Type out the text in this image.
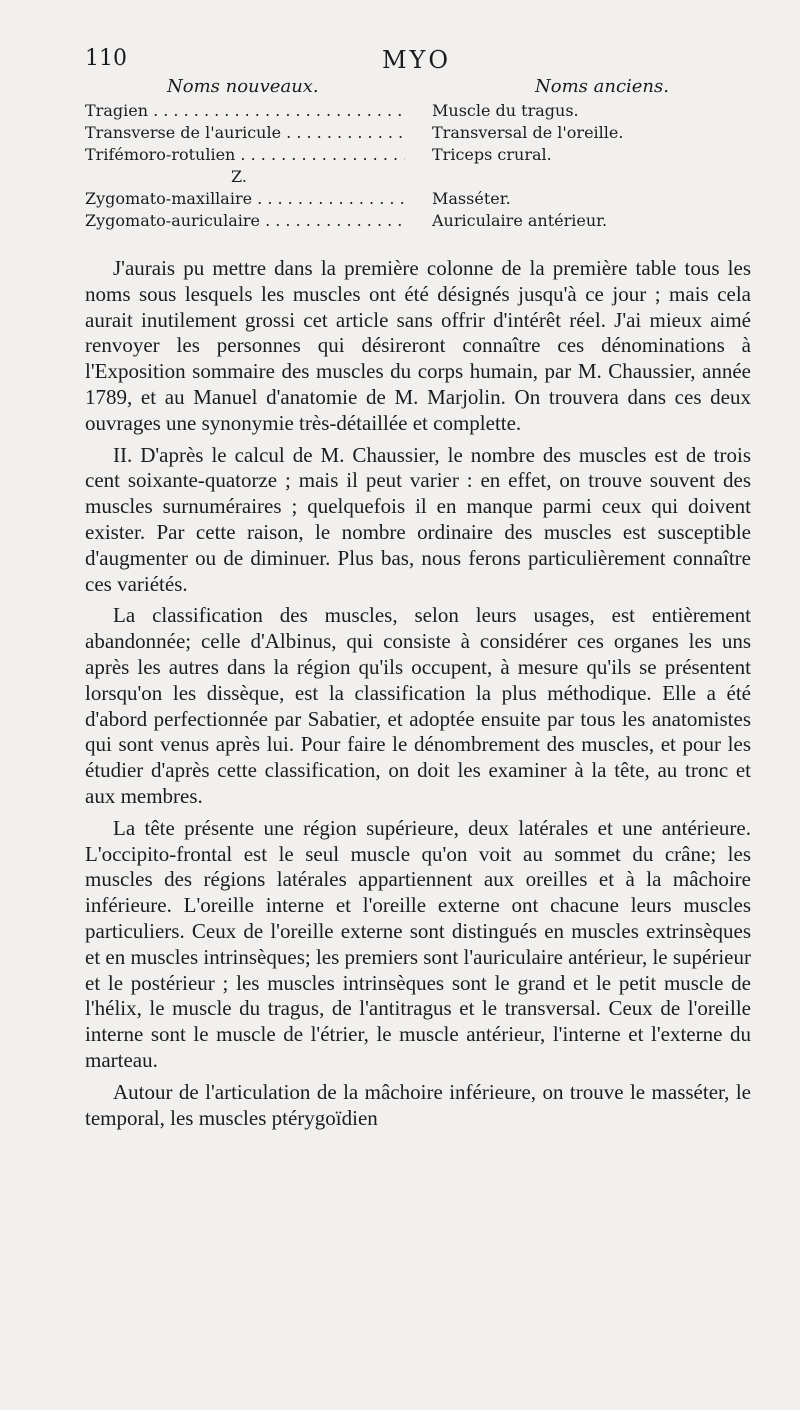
110	MYO
Noms nouveaux.	Noms anciens.
Tragien . . .	Muscle du tragus.
Transverse de l'auricule . . .	Transversal de l'oreille.
Trifémoro-rotulien . . .	Triceps crural.
Z.
Zygomato-maxillaire . . .	Masséter.
Zygomato-auriculaire . . .	Auriculaire antérieur.

J'aurais pu mettre dans la première colonne de la première table tous les noms sous lesquels les muscles ont été désignés jusqu'à ce jour ; mais cela aurait inutilement grossi cet article sans offrir d'intérêt réel. J'ai mieux aimé renvoyer les personnes qui désireront connaître ces dénominations à l'Exposition sommaire des muscles du corps humain, par M. Chaussier, année 1789, et au Manuel d'anatomie de M. Marjolin. On trouvera dans ces deux ouvrages une synonymie très-détaillée et complette.

II. D'après le calcul de M. Chaussier, le nombre des muscles est de trois cent soixante-quatorze ; mais il peut varier : en effet, on trouve souvent des muscles surnuméraires ; quelquefois il en manque parmi ceux qui doivent exister. Par cette raison, le nombre ordinaire des muscles est susceptible d'augmenter ou de diminuer. Plus bas, nous ferons particulièrement connaître ces variétés.

La classification des muscles, selon leurs usages, est entièrement abandonnée; celle d'Albinus, qui consiste à considérer ces organes les uns après les autres dans la région qu'ils occupent, à mesure qu'ils se présentent lorsqu'on les dissèque, est la classification la plus méthodique. Elle a été d'abord perfectionnée par Sabatier, et adoptée ensuite par tous les anatomistes qui sont venus après lui. Pour faire le dénombrement des muscles, et pour les étudier d'après cette classification, on doit les examiner à la tête, au tronc et aux membres.

La tête présente une région supérieure, deux latérales et une antérieure. L'occipito-frontal est le seul muscle qu'on voit au sommet du crâne; les muscles des régions latérales appartiennent aux oreilles et à la mâchoire inférieure. L'oreille interne et l'oreille externe ont chacune leurs muscles particuliers. Ceux de l'oreille externe sont distingués en muscles extrinsèques et en muscles intrinsèques; les premiers sont l'auriculaire antérieur, le supérieur et le postérieur ; les muscles intrinsèques sont le grand et le petit muscle de l'hélix, le muscle du tragus, de l'antitragus et le transversal. Ceux de l'oreille interne sont le muscle de l'étrier, le muscle antérieur, l'interne et l'externe du marteau.

Autour de l'articulation de la mâchoire inférieure, on trouve le masséter, le temporal, les muscles ptérygoïdien
